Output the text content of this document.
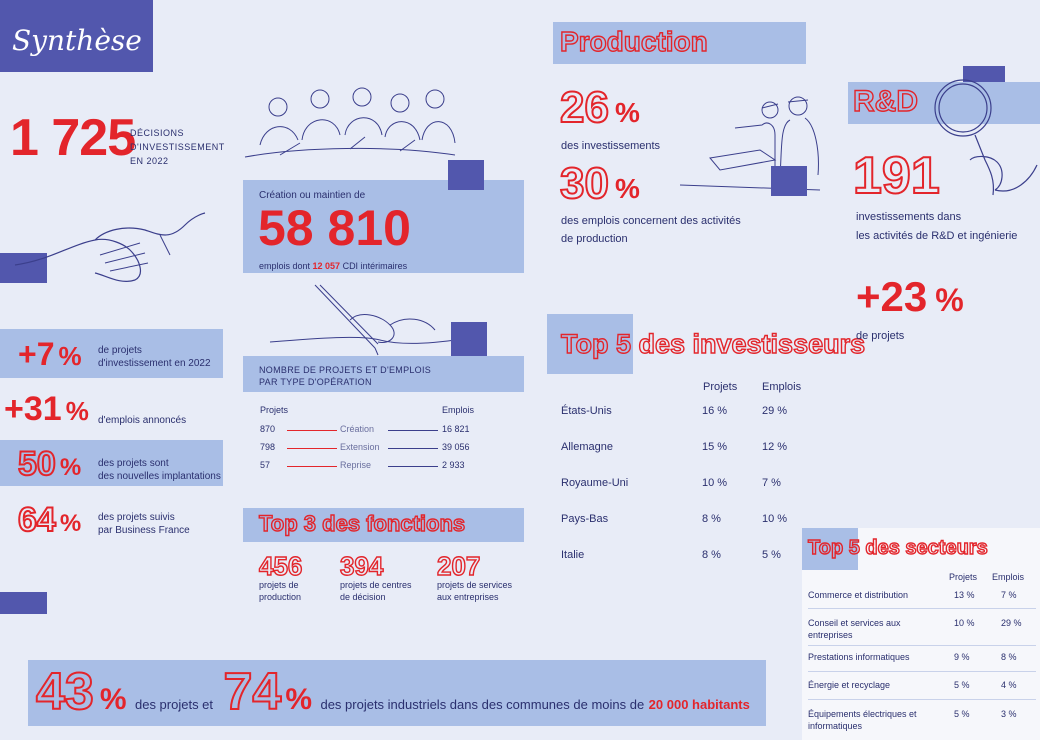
Synthèse
1 725
DÉCISIONS
D'INVESTISSEMENT
EN 2022
+7 % de projets
d'investissement en 2022
+31 % d'emplois annoncés
50 % des projets sont
des nouvelles implantations
64 % des projets suivis
par Business France
Création ou maintien de
58 810
emplois dont 12 057 CDI intérimaires
NOMBRE DE PROJETS ET D'EMPLOIS
PAR TYPE D'OPÉRATION
Projets	Emplois
870	Création	16 821
798	Extension	39 056
57	Reprise	2 933
Top 3 des fonctions
456
projets de
production
394
projets de centres
de décision
207
projets de services
aux entreprises
Production
26 %
des investissements
30 %
des emplois concernent des activités
de production
Top 5 des investisseurs
Projets Emplois
États-Unis	16 %	29 %
Allemagne	15 %	12 %
Royaume-Uni	10 %	7 %
Pays-Bas	8 %	10 %
Italie	8 %	5 %
R&D
191
investissements dans
les activités de R&D et ingénierie
+23 %
de projets
Top 5 des secteurs
Projets Emplois
Commerce et distribution	13 %	7 %
Conseil et services aux
entreprises
10 %	29 %
Prestations informatiques	9 %	8 %
Énergie et recyclage	5 %	4 %
Équipements électriques et
informatiques
5 %	3 %
43 % des projets et 74 % des projets industriels dans des communes de moins de 20 000 habitants
